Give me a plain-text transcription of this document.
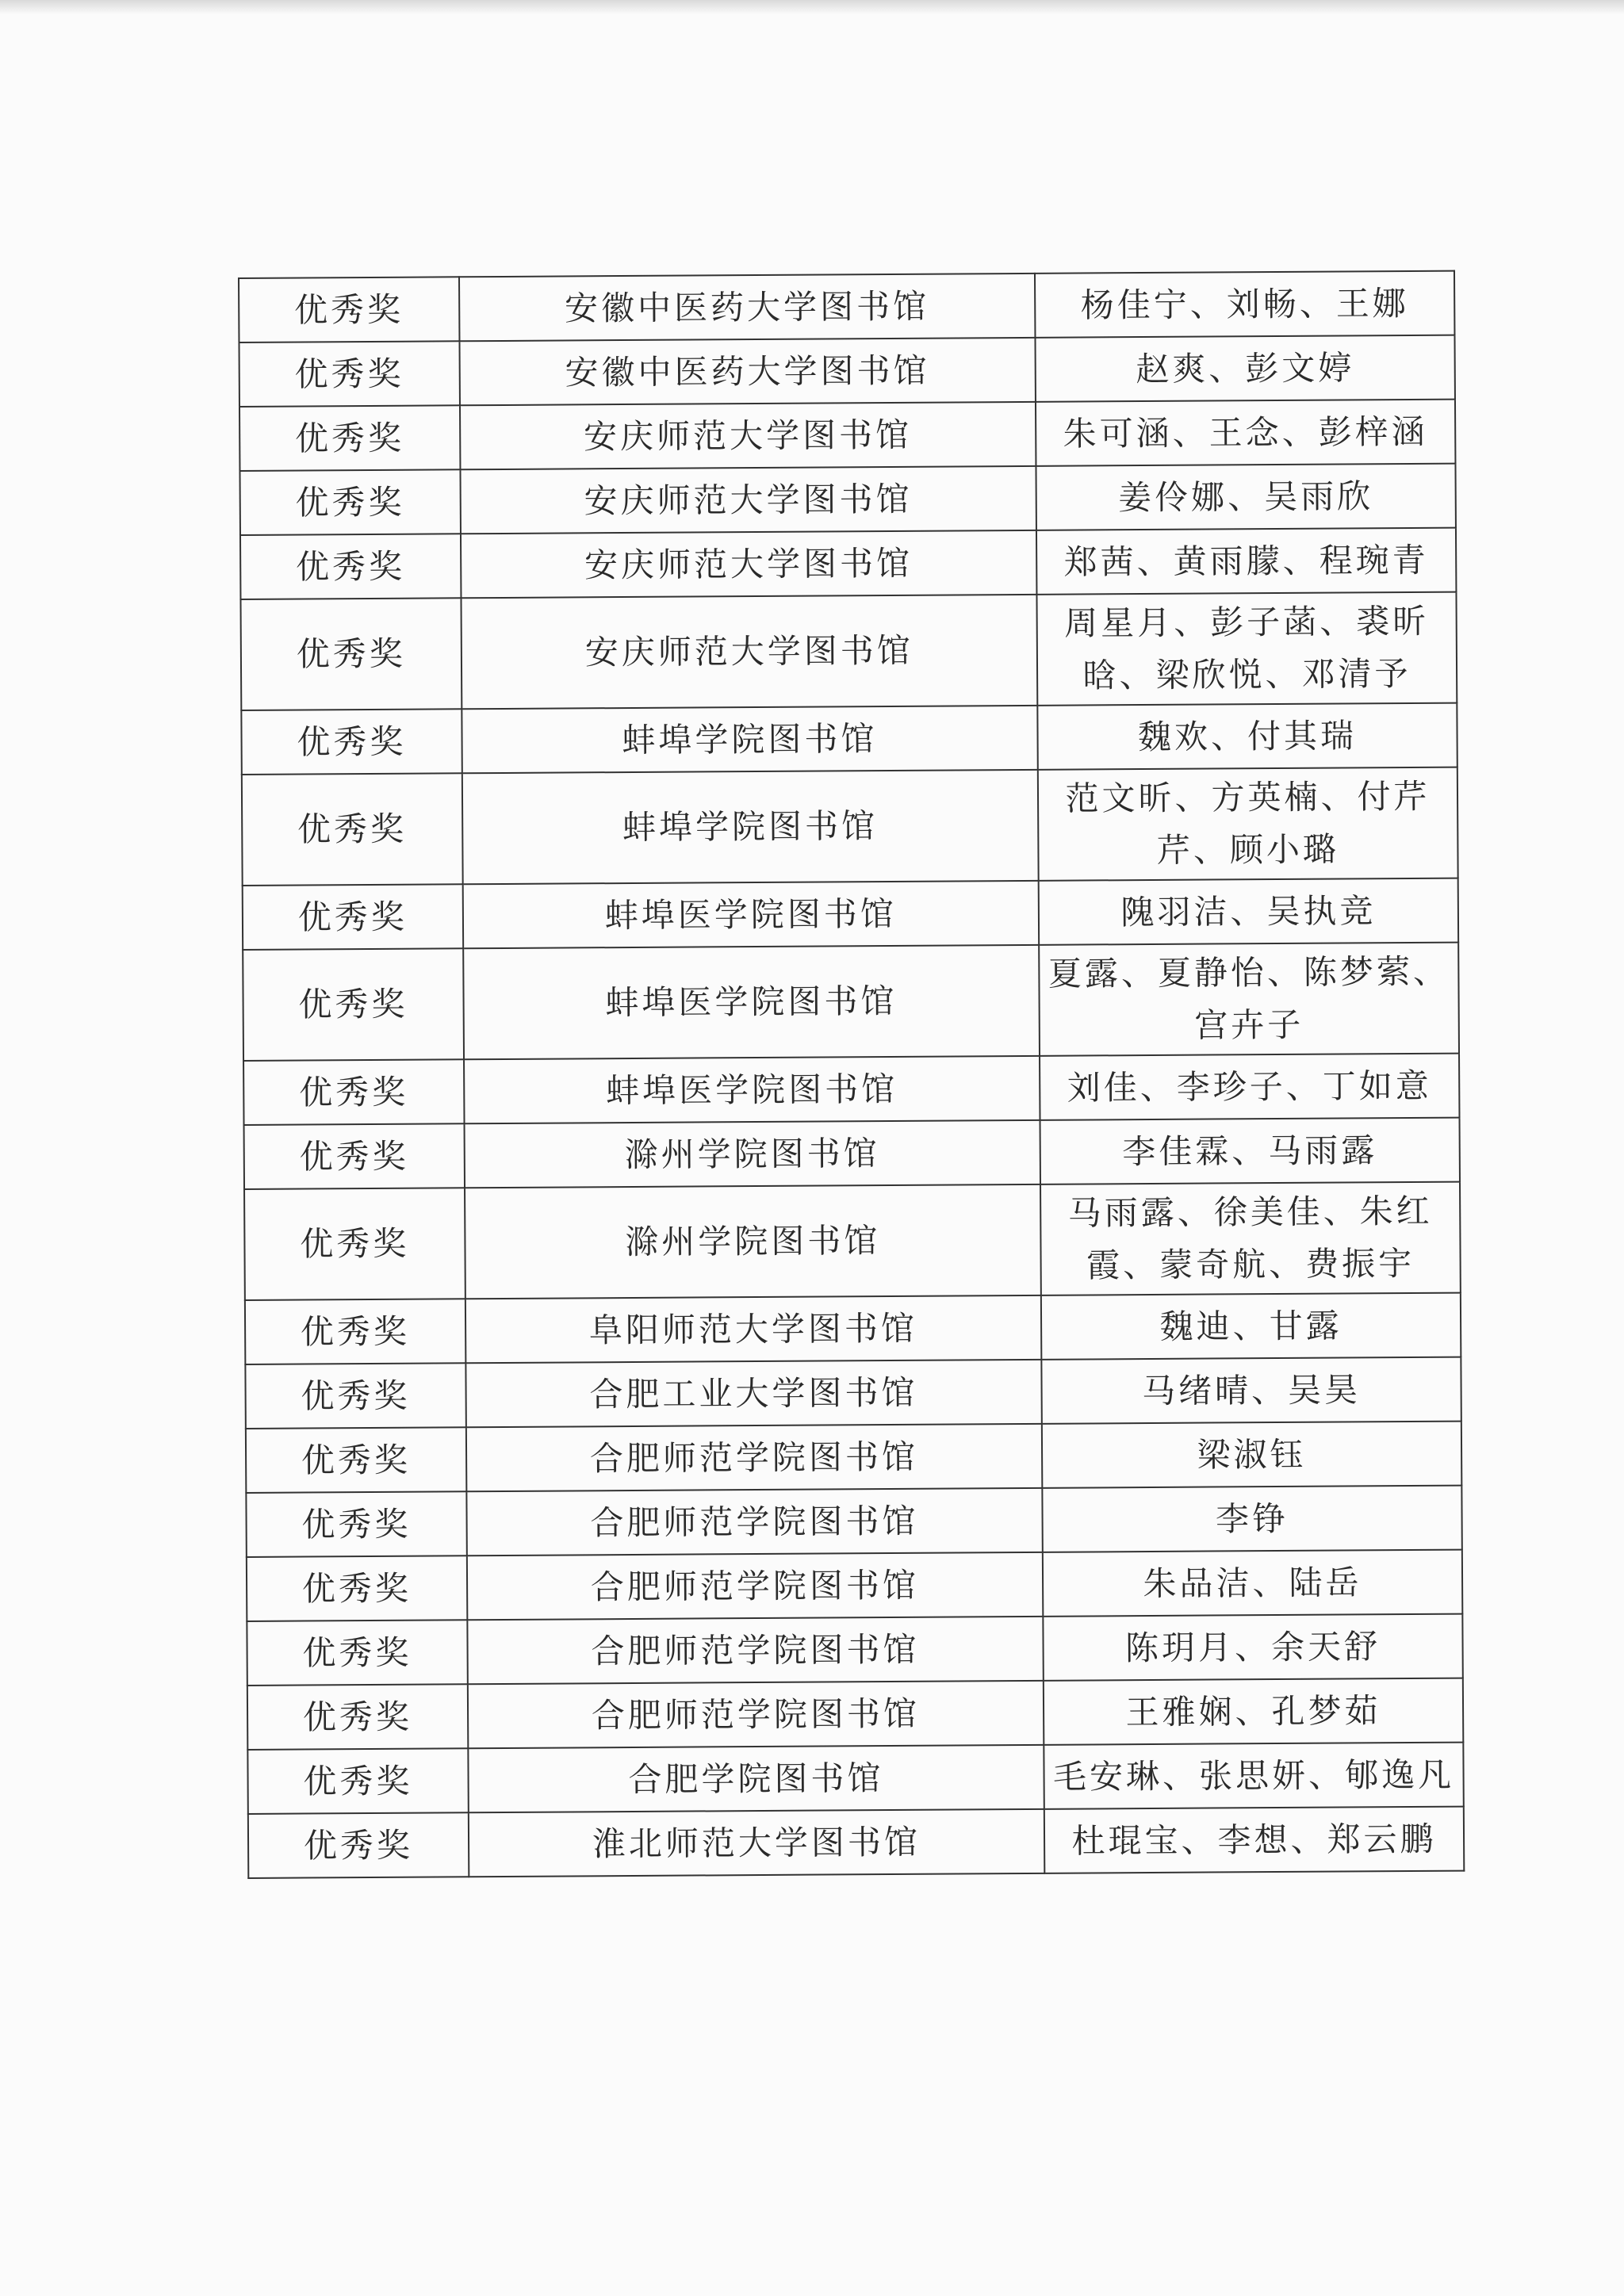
优秀奖	安徽中医药大学图书馆	杨佳宁、刘畅、王娜
优秀奖	安徽中医药大学图书馆	赵爽、彭文婷
优秀奖	安庆师范大学图书馆	朱可涵、王念、彭梓涵
优秀奖	安庆师范大学图书馆	姜伶娜、吴雨欣
优秀奖	安庆师范大学图书馆	郑茜、黄雨朦、程琬青
优秀奖	安庆师范大学图书馆	周星月、彭子菡、裘昕晗、梁欣悦、邓清予
优秀奖	蚌埠学院图书馆	魏欢、付其瑞
优秀奖	蚌埠学院图书馆	范文昕、方英楠、付芹芹、顾小璐
优秀奖	蚌埠医学院图书馆	隗羽洁、吴执竞
优秀奖	蚌埠医学院图书馆	夏露、夏静怡、陈梦萦、宫卉子
优秀奖	蚌埠医学院图书馆	刘佳、李珍子、丁如意
优秀奖	滁州学院图书馆	李佳霖、马雨露
优秀奖	滁州学院图书馆	马雨露、徐美佳、朱红霞、蒙奇航、费振宇
优秀奖	阜阳师范大学图书馆	魏迪、甘露
优秀奖	合肥工业大学图书馆	马绪晴、吴昊
优秀奖	合肥师范学院图书馆	梁淑钰
优秀奖	合肥师范学院图书馆	李铮
优秀奖	合肥师范学院图书馆	朱品洁、陆岳
优秀奖	合肥师范学院图书馆	陈玥月、余天舒
优秀奖	合肥师范学院图书馆	王雅娴、孔梦茹
优秀奖	合肥学院图书馆	毛安琳、张思妍、郇逸凡
优秀奖	淮北师范大学图书馆	杜琨宝、李想、郑云鹏
